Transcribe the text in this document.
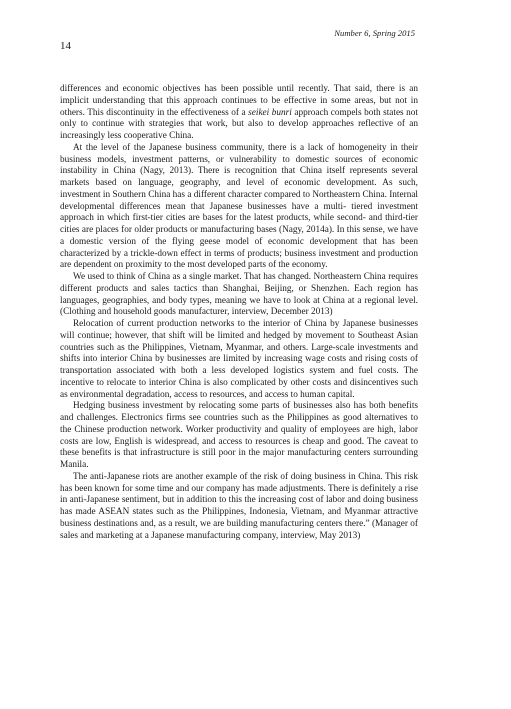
Number 6, Spring 2015
14

differences and economic objectives has been possible until recently. That said, there is an implicit understanding that this approach continues to be effective in some areas, but not in others. This discontinuity in the effectiveness of a seikei bunri approach compels both states not only to continue with strategies that work, but also to develop approaches reflective of an increasingly less cooperative China.

At the level of the Japanese business community, there is a lack of homogeneity in their business models, investment patterns, or vulnerability to domestic sources of economic instability in China (Nagy, 2013). There is recognition that China itself represents several markets based on language, geography, and level of economic development. As such, investment in Southern China has a different character compared to Northeastern China. Internal developmental differences mean that Japanese businesses have a multi- tiered investment approach in which first-tier cities are bases for the latest products, while second- and third-tier cities are places for older products or manufacturing bases (Nagy, 2014a). In this sense, we have a domestic version of the flying geese model of economic development that has been characterized by a trickle-down effect in terms of products; business investment and production are dependent on proximity to the most developed parts of the economy.

We used to think of China as a single market. That has changed. Northeastern China requires different products and sales tactics than Shanghai, Beijing, or Shenzhen. Each region has languages, geographies, and body types, meaning we have to look at China at a regional level. (Clothing and household goods manufacturer, interview, December 2013)

Relocation of current production networks to the interior of China by Japanese businesses will continue; however, that shift will be limited and hedged by movement to Southeast Asian countries such as the Philippines, Vietnam, Myanmar, and others. Large-scale investments and shifts into interior China by businesses are limited by increasing wage costs and rising costs of transportation associated with both a less developed logistics system and fuel costs. The incentive to relocate to interior China is also complicated by other costs and disincentives such as environmental degradation, access to resources, and access to human capital.

Hedging business investment by relocating some parts of businesses also has both benefits and challenges. Electronics firms see countries such as the Philippines as good alternatives to the Chinese production network. Worker productivity and quality of employees are high, labor costs are low, English is widespread, and access to resources is cheap and good. The caveat to these benefits is that infrastructure is still poor in the major manufacturing centers surrounding Manila.

The anti-Japanese riots are another example of the risk of doing business in China. This risk has been known for some time and our company has made adjustments. There is definitely a rise in anti-Japanese sentiment, but in addition to this the increasing cost of labor and doing business has made ASEAN states such as the Philippines, Indonesia, Vietnam, and Myanmar attractive business destinations and, as a result, we are building manufacturing centers there.” (Manager of sales and marketing at a Japanese manufacturing company, interview, May 2013)
